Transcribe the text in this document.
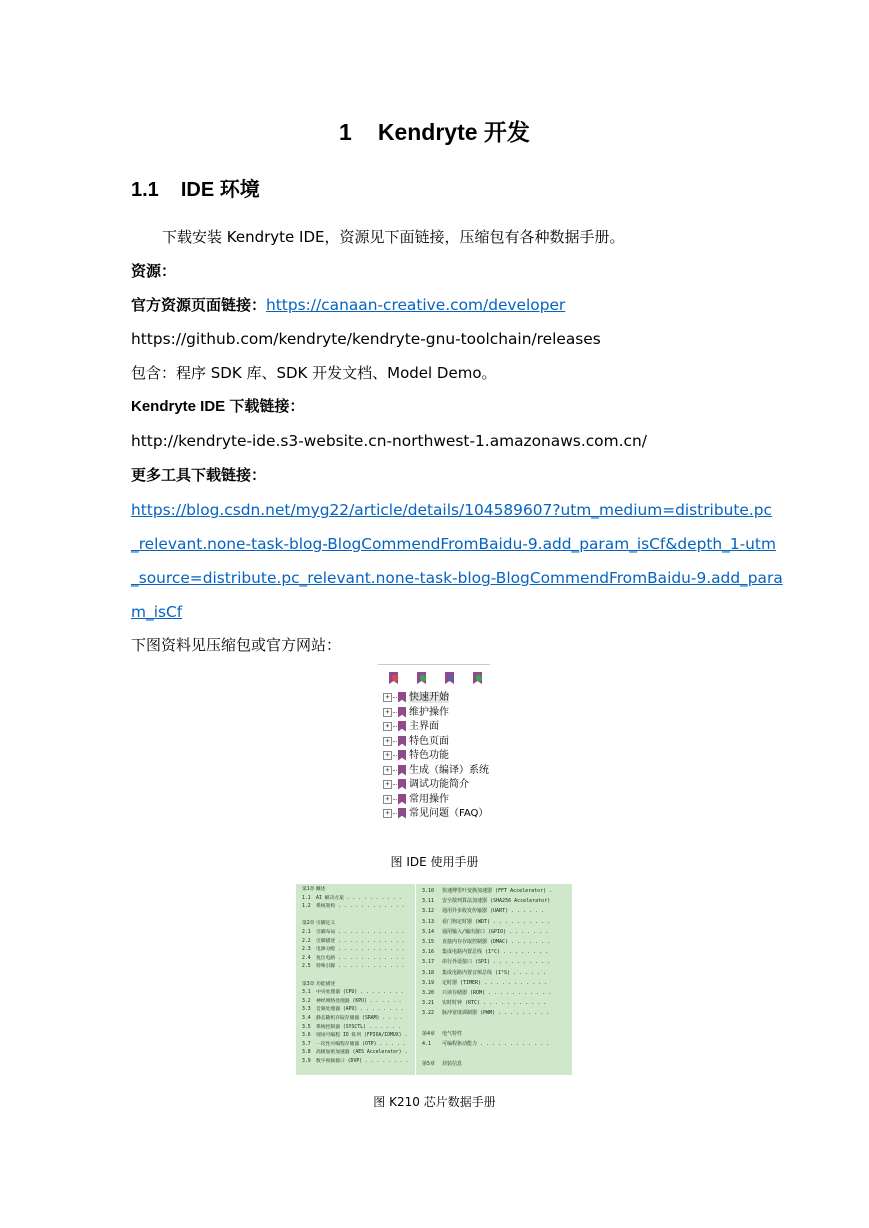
1 Kendryte 开发
1.1 IDE 环境
下载安装 Kendryte IDE，资源见下面链接，压缩包有各种数据手册。
资源：
官方资源页面链接：https://canaan-creative.com/developer
https://github.com/kendryte/kendryte-gnu-toolchain/releases
包含：程序 SDK 库、SDK 开发文档、Model Demo。
Kendryte IDE 下载链接：
http://kendryte-ide.s3-website.cn-northwest-1.amazonaws.com.cn/
更多工具下载链接：
https://blog.csdn.net/myg22/article/details/104589607?utm_medium=distribute.pc
_relevant.none-task-blog-BlogCommendFromBaidu-9.add_param_isCf&depth_1-utm
_source=distribute.pc_relevant.none-task-blog-BlogCommendFromBaidu-9.add_para
m_isCf
下图资料见压缩包或官方网站：
+ 快速开始
+ 维护操作
+ 主界面
+ 特色页面
+ 特色功能
+ 生成（编译）系统
+ 调试功能简介
+ 常用操作
+ 常见问题（FAQ）
图 IDE 使用手册
第1章 概述
1.1 AI 解决方案 . . . . . . . . . .
1.2 系统架构 . . . . . . . . . . . .
第2章 引脚定义
2.1 引脚布局 . . . . . . . . . . . .
2.2 引脚描述 . . . . . . . . . . . .
2.3 电源分配 . . . . . . . . . . . .
2.4 复位电路 . . . . . . . . . . . .
2.5 特殊引脚 . . . . . . . . . . . .
第3章 功能描述
3.1 中央处理器 (CPU) . . . . . . . .
3.2 神经网络处理器 (KPU) . . . . . .
3.3 音频处理器 (APU) . . . . . . . .
3.4 静态随机存取存储器 (SRAM) . . . .
3.5 系统控制器 (SYSCTL) . . . . . .
3.6 现场可编程 IO 阵列 (FPIOA/IOMUX) .
3.7 一次性可编程存储器 (OTP) . . . . .
3.8 高级加密加速器 (AES Accelerator) .
3.9 数字视频接口 (DVP) . . . . . . . .
3.10 快速傅里叶变换加速器 (FFT Accelerator) .
3.11 安全散列算法加速器 (SHA256 Accelerator)
3.12 通用异步收发传输器 (UART) . . . . . .
3.13 看门狗定时器 (WDT) . . . . . . . . . .
3.14 通用输入/输出接口 (GPIO) . . . . . . .
3.15 直接内存存取控制器 (DMAC) . . . . . . .
3.16 集成电路内置总线 (I²C) . . . . . . . .
3.17 串行外设接口 (SPI) . . . . . . . . . .
3.18 集成电路内置音频总线 (I²S) . . . . . .
3.19 定时器 (TIMER) . . . . . . . . . . .
3.20 只读存储器 (ROM) . . . . . . . . . . .
3.21 实时时钟 (RTC) . . . . . . . . . . .
3.22 脉冲宽度调制器 (PWM) . . . . . . . . .
第4章 电气特性
4.1 可编程驱动能力 . . . . . . . . . . . .
第5章 封装信息
图 K210 芯片数据手册
